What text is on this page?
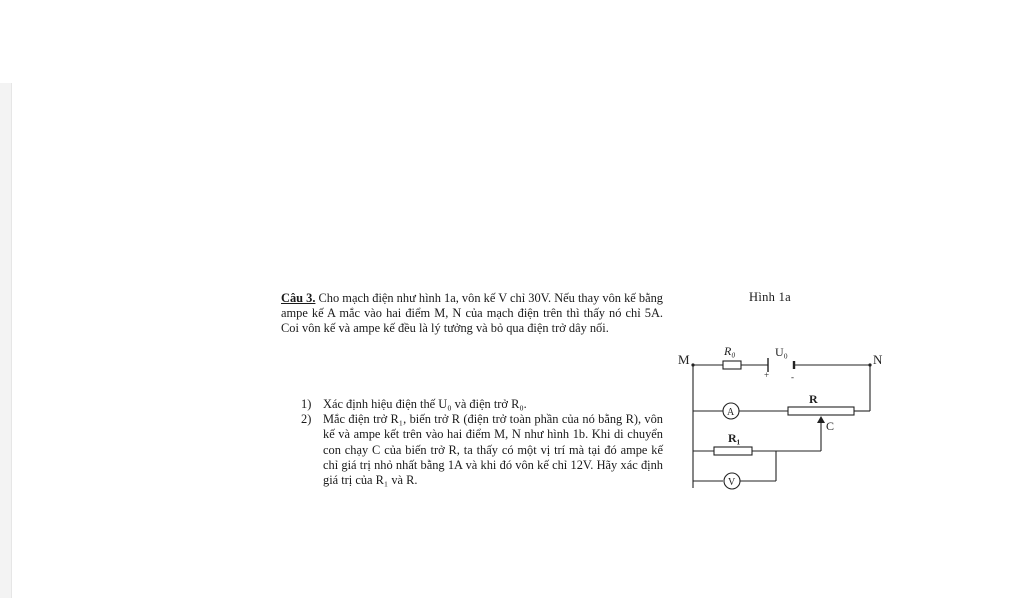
Câu 3. Cho mạch điện như hình 1a, vôn kế V chỉ 30V. Nếu thay vôn kế bằng ampe kế A mắc vào hai điểm M, N của mạch điện trên thì thấy nó chỉ 5A. Coi vôn kế và ampe kế đều là lý tưởng và bỏ qua điện trở dây nối.

1) Xác định hiệu điện thế U₀ và điện trở R₀.
2) Mắc điện trở R₁, biến trở R (điện trở toàn phần của nó bằng R), vôn kế và ampe kết trên vào hai điểm M, N như hình 1b. Khi di chuyển con chạy C của biến trở R, ta thấy có một vị trí mà tại đó ampe kế chỉ giá trị nhỏ nhất bằng 1A và khi đó vôn kế chỉ 12V. Hãy xác định giá trị của R₁ và R.
Hình 1a
+ -
M	N
R₀	U₀
R
C
R₁
A
V
